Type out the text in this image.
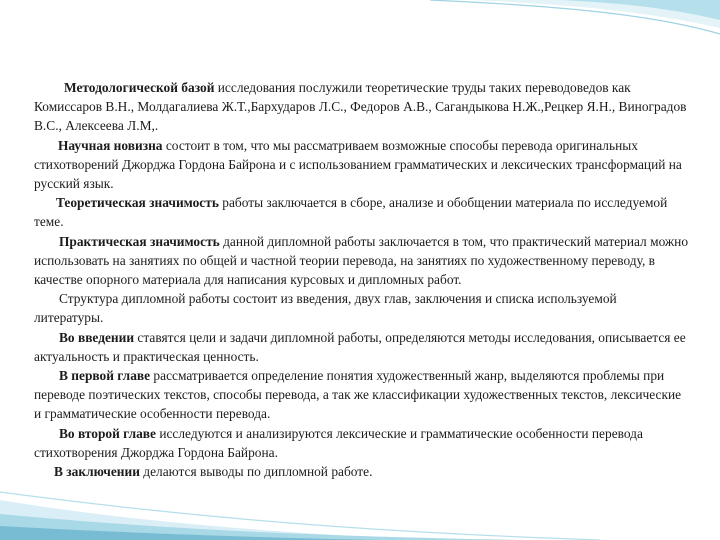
Методологической базой исследования послужили теоретические труды таких переводоведов как Комиссаров В.Н., Молдагалиева Ж.Т.,Бархударов Л.С., Федоров А.В., Сагандыкова Н.Ж.,Рецкер Я.Н., Виноградов В.С., Алексеева Л.М,.

Научная новизна состоит в том, что мы рассматриваем возможные способы перевода оригинальных стихотворений Джорджа Гордона Байрона и с использованием грамматических и лексических трансформаций на русский язык.

Теоретическая значимость работы заключается в сборе, анализе и обобщении материала по исследуемой теме.

Практическая значимость данной дипломной работы заключается в том, что практический материал можно использовать на занятиях по общей и частной теории перевода, на занятиях по художественному переводу, в качестве опорного материала для написания курсовых и дипломных работ.

Структура дипломной работы состоит из введения, двух глав, заключения и списка используемой литературы.

Во введении ставятся цели и задачи дипломной работы, определяются методы исследования, описывается ее актуальность и практическая ценность.

В первой главе рассматривается определение понятия художественный жанр, выделяются проблемы при переводе поэтических текстов, способы перевода, а так же классификации художественных текстов, лексические и грамматические особенности перевода.

Во второй главе исследуются и анализируются лексические и грамматические особенности перевода стихотворения Джорджа Гордона Байрона.

В заключении делаются выводы по дипломной работе.
